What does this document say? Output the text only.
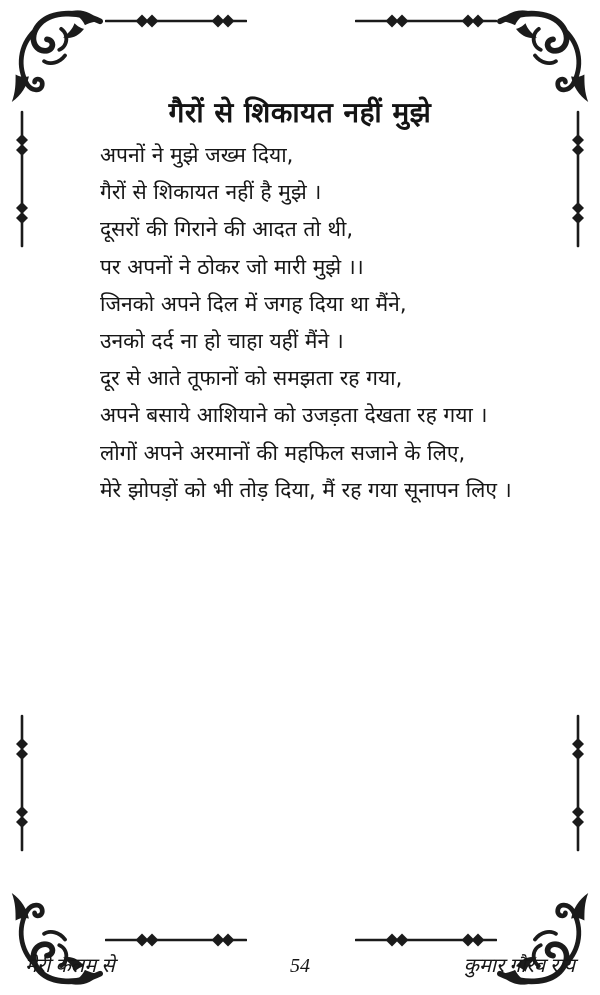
गैरों से शिकायत नहीं मुझे
अपनों ने मुझे जख्म दिया,
गैरों से शिकायत नहीं है मुझे ।
दूसरों की गिराने की आदत तो थी,
पर अपनों ने ठोकर जो मारी मुझे ।।
जिनको अपने दिल में जगह दिया था मैंने,
उनको दर्द ना हो चाहा यहीं मैंने ।
दूर से आते तूफानों को समझता रह गया,
अपने बसाये आशियाने को उजड़ता देखता रह गया ।
लोगों अपने अरमानों की महफिल सजाने के लिए,
मेरे झोपड़ों को भी तोड़ दिया, मैं रह गया सूनापन लिए ।
मेरी कलम से	54	कुमार गौरव राय
